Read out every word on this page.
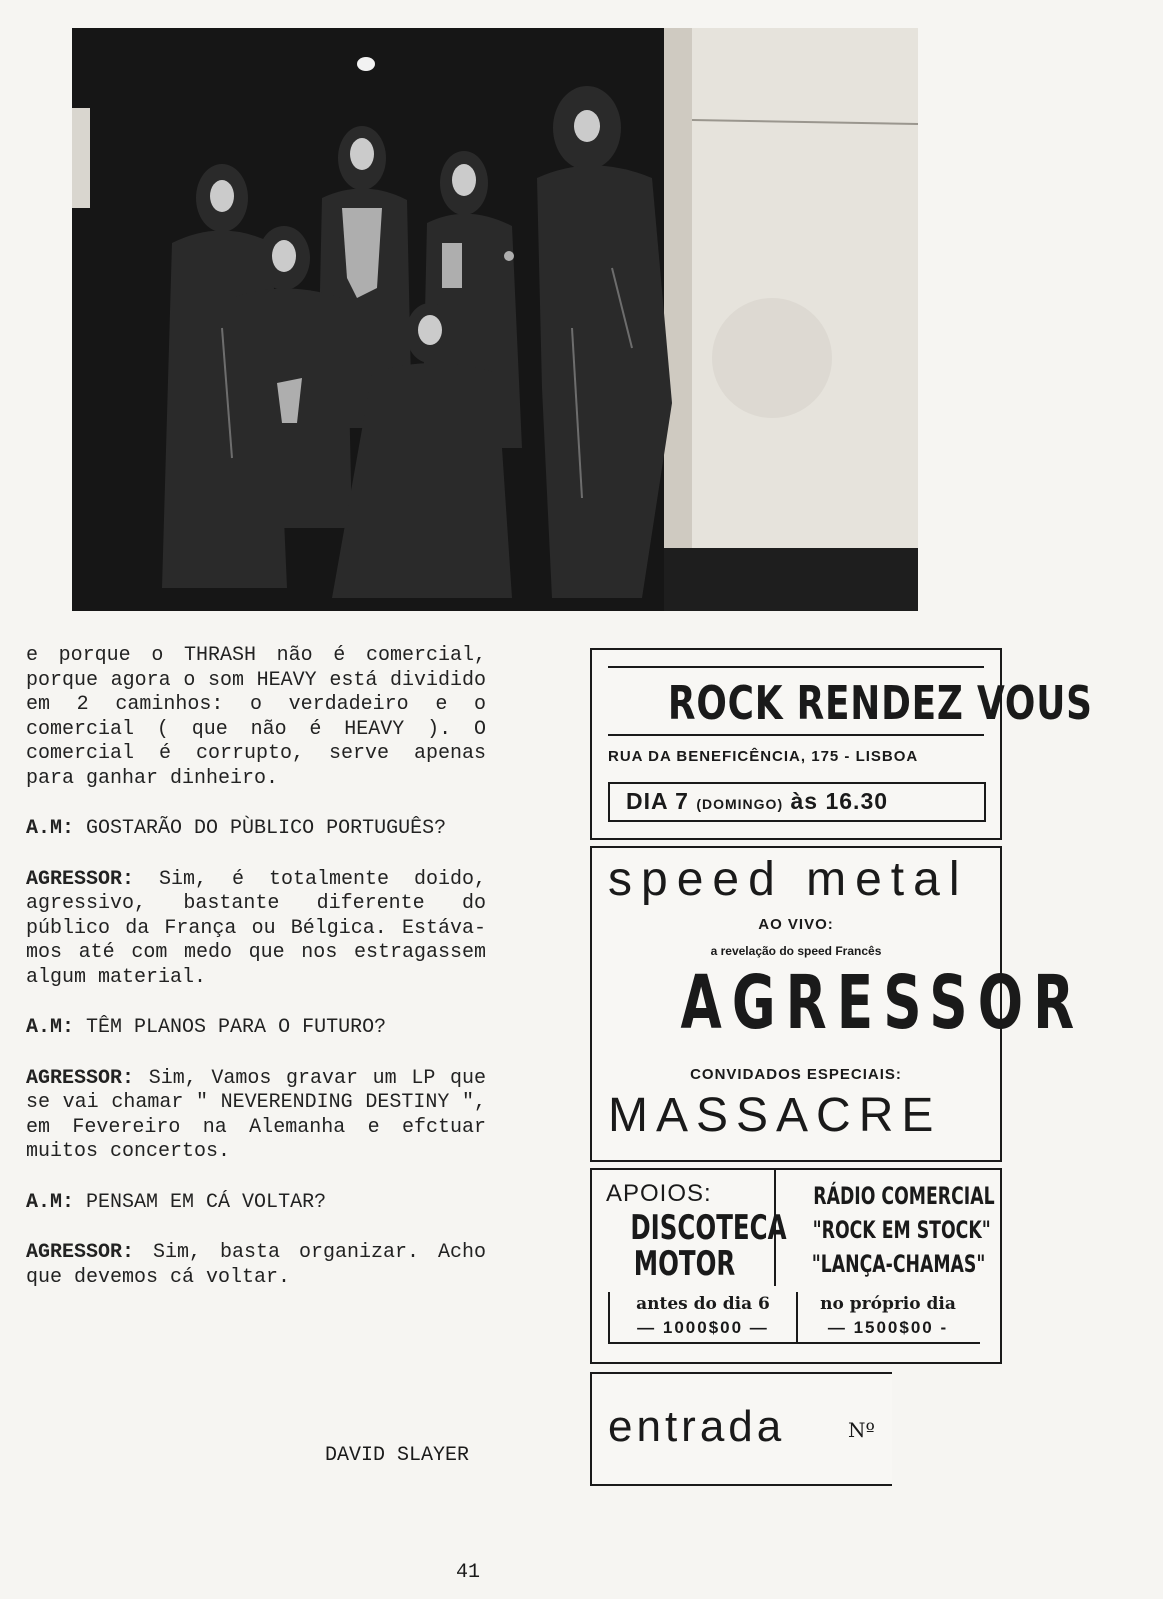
e porque o THRASH não é comercial, porque agora o som HEAVY está dividido em 2 caminhos: o verdadeiro e o comercial ( que não é HEAVY ). O comercial é corrupto, serve apenas para ganhar dinheiro.

A.M: GOSTARÃO DO PÙBLICO PORTUGUÊS?

AGRESSOR: Sim, é totalmente doido, agressivo, bastante diferente do público da França ou Bélgica. Estáva-mos até com medo que nos estragassem algum material.

A.M: TÊM PLANOS PARA O FUTURO?

AGRESSOR: Sim, Vamos gravar um LP que se vai chamar " NEVERENDING DESTINY ", em Fevereiro na Alemanha e efctuar muitos concertos.

A.M: PENSAM EM CÁ VOLTAR?

AGRESSOR: Sim, basta organizar. Acho que devemos cá voltar.

DAVID SLAYER
41
ROCK RENDEZ VOUS
RUA DA BENEFICÊNCIA, 175 - LISBOA
DIA 7 (DOMINGO) às 16.30
speed metal
AO VIVO:
a revelação do speed Francês
AGRESSOR
CONVIDADOS ESPECIAIS:
MASSACRE
APOIOS:
DISCOTECA
MOTOR
RÁDIO COMERCIAL
"ROCK EM STOCK"
"LANÇA-CHAMAS"
antes do dia 6
— 1000$00 —
no próprio dia
— 1500$00 -
entrada	Nº
